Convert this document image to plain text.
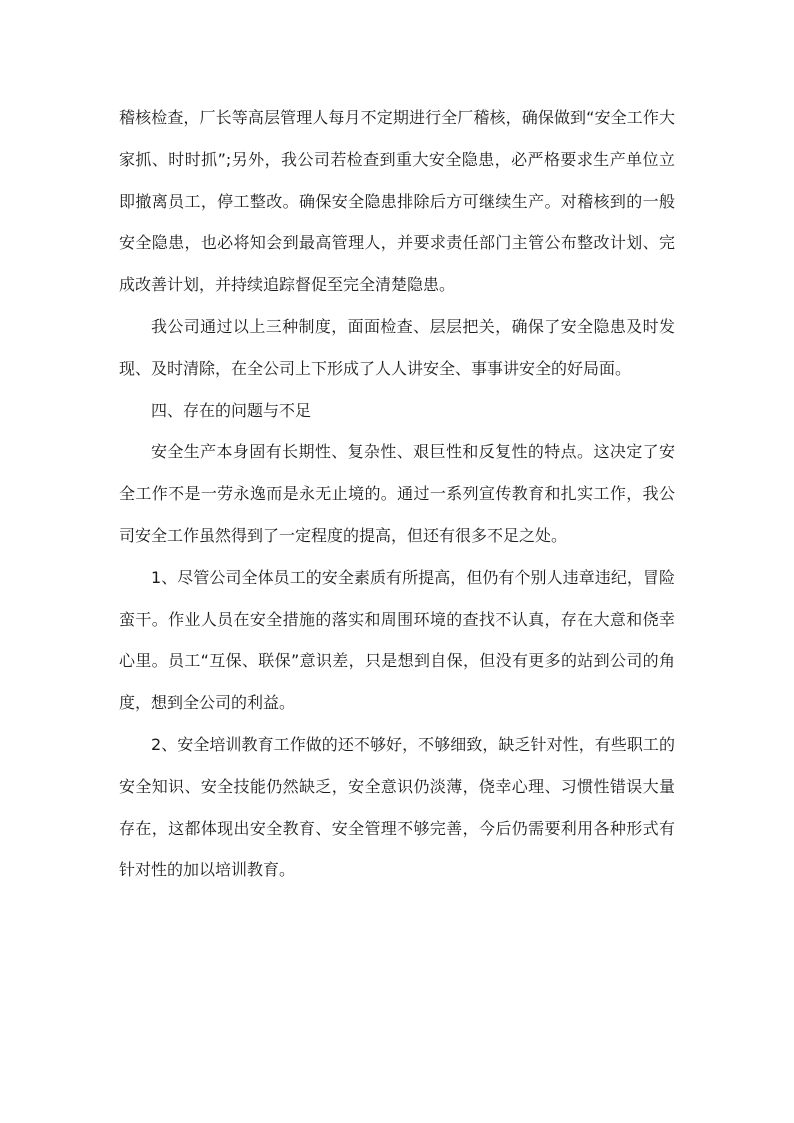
稽核检查，厂长等高层管理人每月不定期进行全厂稽核，确保做到“安全工作大家抓、时时抓”;另外，我公司若检查到重大安全隐患，必严格要求生产单位立即撤离员工，停工整改。确保安全隐患排除后方可继续生产。对稽核到的一般安全隐患，也必将知会到最高管理人，并要求责任部门主管公布整改计划、完成改善计划，并持续追踪督促至完全清楚隐患。

我公司通过以上三种制度，面面检查、层层把关，确保了安全隐患及时发现、及时清除，在全公司上下形成了人人讲安全、事事讲安全的好局面。

四、存在的问题与不足

安全生产本身固有长期性、复杂性、艰巨性和反复性的特点。这决定了安全工作不是一劳永逸而是永无止境的。通过一系列宣传教育和扎实工作，我公司安全工作虽然得到了一定程度的提高，但还有很多不足之处。

1、尽管公司全体员工的安全素质有所提高，但仍有个别人违章违纪，冒险蛮干。作业人员在安全措施的落实和周围环境的查找不认真，存在大意和侥幸心里。员工“互保、联保”意识差，只是想到自保，但没有更多的站到公司的角度，想到全公司的利益。

2、安全培训教育工作做的还不够好，不够细致，缺乏针对性，有些职工的安全知识、安全技能仍然缺乏，安全意识仍淡薄，侥幸心理、习惯性错误大量存在，这都体现出安全教育、安全管理不够完善，今后仍需要利用各种形式有针对性的加以培训教育。
